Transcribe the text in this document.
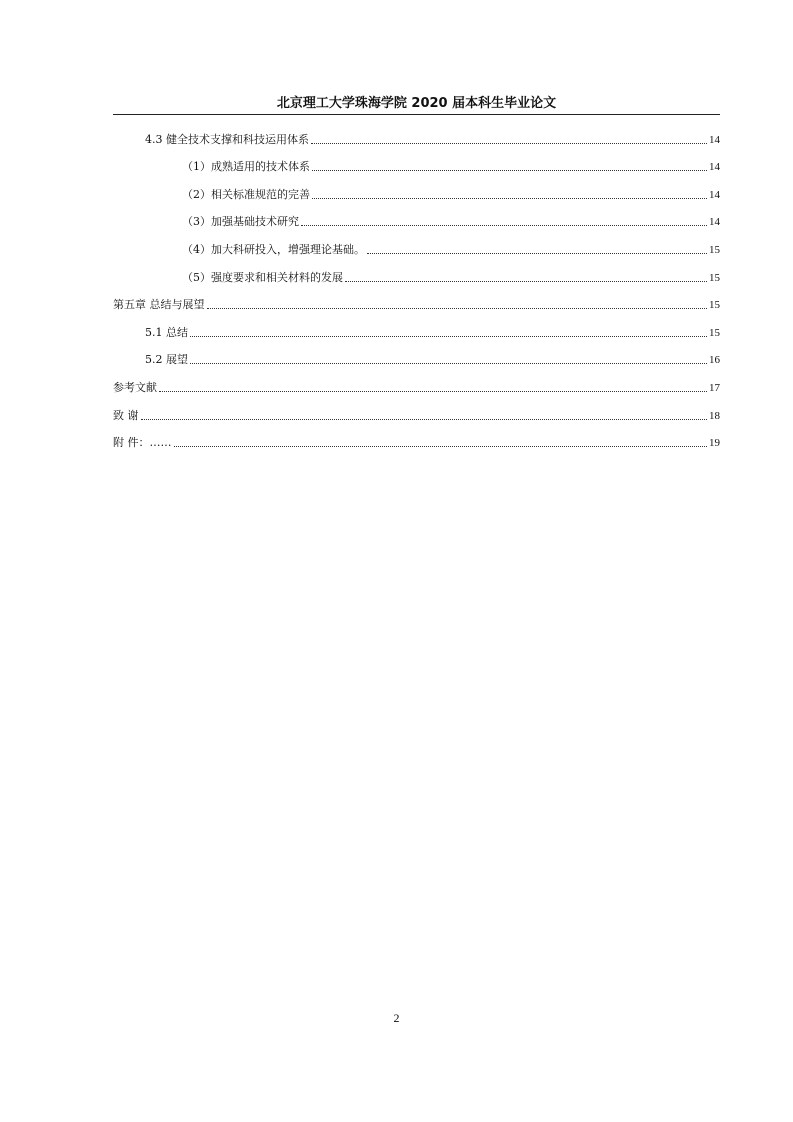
北京理工大学珠海学院 2020 届本科生毕业论文
4.3 健全技术支撑和科技运用体系	14
（1）成熟适用的技术体系	14
（2）相关标准规范的完善	14
（3）加强基础技术研究	14
（4）加大科研投入，增强理论基础。	15
（5）强度要求和相关材料的发展	15
第五章 总结与展望	15
5.1 总结	15
5.2 展望	16
参考文献	17
致 谢	18
附 件：……	19
2
